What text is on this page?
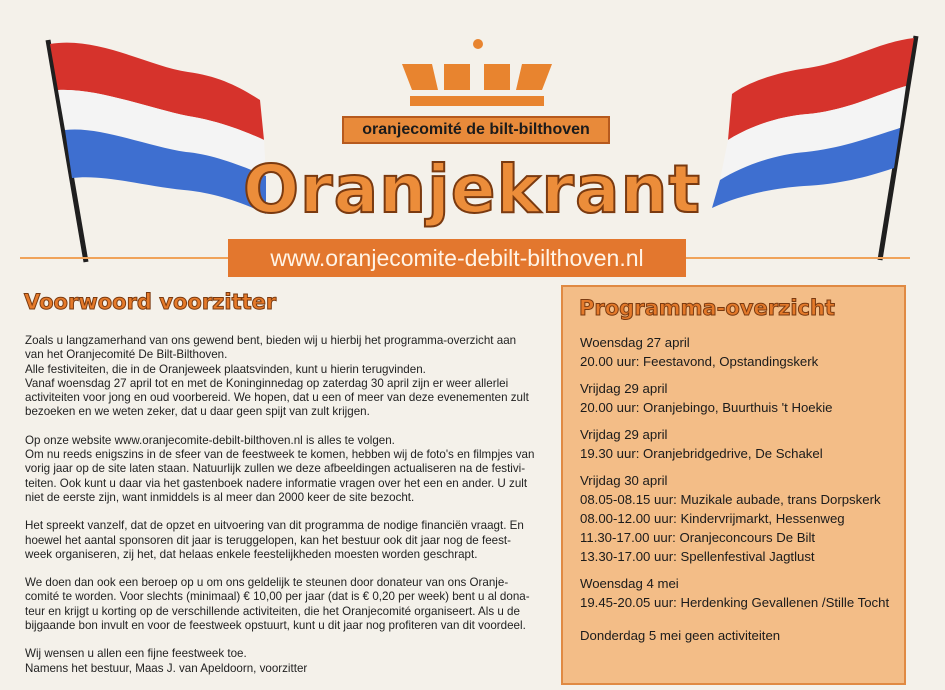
oranjecomité de bilt-bilthoven
Oranjekrant
www.oranjecomite-debilt-bilthoven.nl
Voorwoord voorzitter

Zoals u langzamerhand van ons gewend bent, bieden wij u hierbij het programma-overzicht aan
van het Oranjecomité De Bilt-Bilthoven.
Alle festiviteiten, die in de Oranjeweek plaatsvinden, kunt u hierin terugvinden.
Vanaf woensdag 27 april tot en met de Koninginnedag op zaterdag 30 april zijn er weer allerlei
activiteiten voor jong en oud voorbereid. We hopen, dat u een of meer van deze evenementen zult
bezoeken en we weten zeker, dat u daar geen spijt van zult krijgen.

Op onze website www.oranjecomite-debilt-bilthoven.nl is alles te volgen.
Om nu reeds enigszins in de sfeer van de feestweek te komen, hebben wij de foto's en filmpjes van
vorig jaar op de site laten staan. Natuurlijk zullen we deze afbeeldingen actualiseren na de festivi-
teiten. Ook kunt u daar via het gastenboek nadere informatie vragen over het een en ander. U zult
niet de eerste zijn, want inmiddels is al meer dan 2000 keer de site bezocht.

Het spreekt vanzelf, dat de opzet en uitvoering van dit programma de nodige financiën vraagt. En
hoewel het aantal sponsoren dit jaar is teruggelopen, kan het bestuur ook dit jaar nog de feest-
week organiseren, zij het, dat helaas enkele feestelijkheden moesten worden geschrapt.

We doen dan ook een beroep op u om ons geldelijk te steunen door donateur van ons Oranje-
comité te worden. Voor slechts (minimaal) € 10,00 per jaar (dat is € 0,20 per week) bent u al dona-
teur en krijgt u korting op de verschillende activiteiten, die het Oranjecomité organiseert. Als u de
bijgaande bon invult en voor de feestweek opstuurt, kunt u dit jaar nog profiteren van dit voordeel.

Wij wensen u allen een fijne feestweek toe.
Namens het bestuur, Maas J. van Apeldoorn, voorzitter

Programma-overzicht
Woensdag 27 april
20.00 uur: Feestavond, Opstandingskerk
Vrijdag 29 april
20.00 uur: Oranjebingo, Buurthuis 't Hoekie
Vrijdag 29 april
19.30 uur: Oranjebridgedrive, De Schakel
Vrijdag 30 april
08.05-08.15 uur: Muzikale aubade, trans Dorpskerk
08.00-12.00 uur: Kindervrijmarkt, Hessenweg
11.30-17.00 uur: Oranjeconcours De Bilt
13.30-17.00 uur: Spellenfestival Jagtlust
Woensdag 4 mei
19.45-20.05 uur: Herdenking Gevallenen /Stille Tocht
Donderdag 5 mei geen activiteiten
